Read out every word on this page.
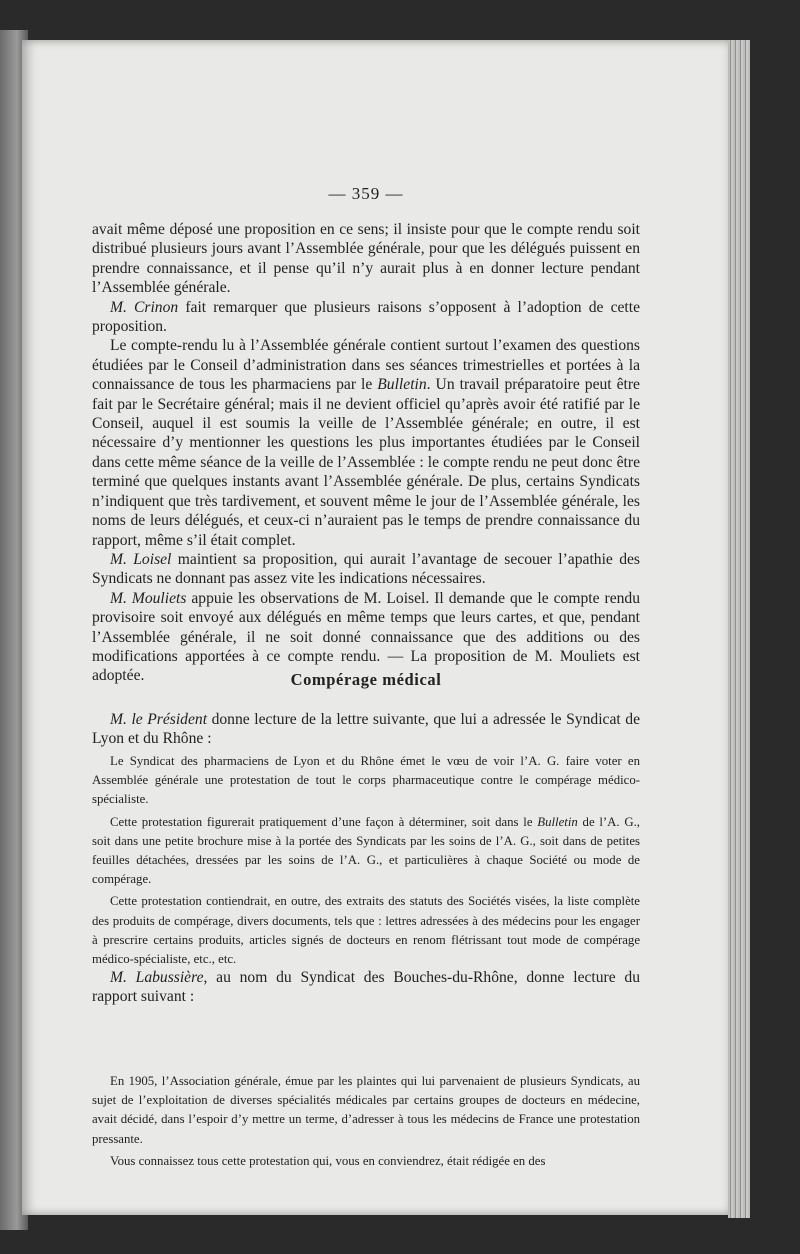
— 359 —

avait même déposé une proposition en ce sens; il insiste pour que le compte rendu soit distribué plusieurs jours avant l’Assemblée générale, pour que les délégués puissent en prendre connaissance, et il pense qu’il n’y aurait plus à en donner lecture pendant l’Assemblée générale.

M. Crinon fait remarquer que plusieurs raisons s’opposent à l’adoption de cette proposition.

Le compte-rendu lu à l’Assemblée générale contient surtout l’examen des questions étudiées par le Conseil d’administration dans ses séances trimestrielles et portées à la connaissance de tous les pharmaciens par le Bulletin. Un travail préparatoire peut être fait par le Secrétaire général; mais il ne devient officiel qu’après avoir été ratifié par le Conseil, auquel il est soumis la veille de l’Assemblée générale; en outre, il est nécessaire d’y mentionner les questions les plus importantes étudiées par le Conseil dans cette même séance de la veille de l’Assemblée : le compte rendu ne peut donc être terminé que quelques instants avant l’Assemblée générale. De plus, certains Syndicats n’indiquent que très tardivement, et souvent même le jour de l’Assemblée générale, les noms de leurs délégués, et ceux-ci n’auraient pas le temps de prendre connaissance du rapport, même s’il était complet.

M. Loisel maintient sa proposition, qui aurait l’avantage de secouer l’apathie des Syndicats ne donnant pas assez vite les indications nécessaires.

M. Mouliets appuie les observations de M. Loisel. Il demande que le compte rendu provisoire soit envoyé aux délégués en même temps que leurs cartes, et que, pendant l’Assemblée générale, il ne soit donné connaissance que des additions ou des modifications apportées à ce compte rendu. — La proposition de M. Mouliets est adoptée.	Compérage médical

M. le Président donne lecture de la lettre suivante, que lui a adressée le Syndicat de Lyon et du Rhône :

Le Syndicat des pharmaciens de Lyon et du Rhône émet le vœu de voir l’A. G. faire voter en Assemblée générale une protestation de tout le corps pharmaceutique contre le compérage médico-spécialiste.

Cette protestation figurerait pratiquement d’une façon à déterminer, soit dans le Bulletin de l’A. G., soit dans une petite brochure mise à la portée des Syndicats par les soins de l’A. G., soit dans de petites feuilles détachées, dressées par les soins de l’A. G., et particulières à chaque Société ou mode de compérage.

Cette protestation contiendrait, en outre, des extraits des statuts des Sociétés visées, la liste complète des produits de compérage, divers documents, tels que : lettres adressées à des médecins pour les engager à prescrire certains produits, articles signés de docteurs en renom flétrissant tout mode de compérage médico-spécialiste, etc., etc.

M. Labussière, au nom du Syndicat des Bouches-du-Rhône, donne lecture du rapport suivant :

En 1905, l’Association générale, émue par les plaintes qui lui parvenaient de plusieurs Syndicats, au sujet de l’exploitation de diverses spécialités médicales par certains groupes de docteurs en médecine, avait décidé, dans l’espoir d’y mettre un terme, d’adresser à tous les médecins de France une protestation pressante.

Vous connaissez tous cette protestation qui, vous en conviendrez, était rédigée en des
